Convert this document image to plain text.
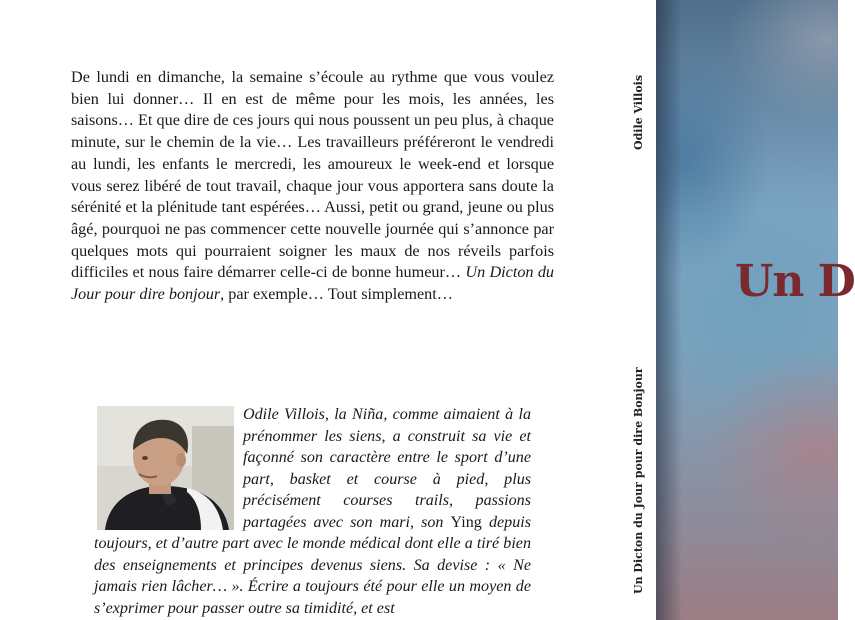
De lundi en dimanche, la semaine s’écoule au rythme que vous voulez bien lui donner… Il en est de même pour les mois, les années, les saisons… Et que dire de ces jours qui nous poussent un peu plus, à chaque minute, sur le chemin de la vie… Les travailleurs préféreront le vendredi au lundi, les enfants le mercredi, les amoureux le week-end et lorsque vous serez libéré de tout travail, chaque jour vous apportera sans doute la sérénité et la plénitude tant espérées… Aussi, petit ou grand, jeune ou plus âgé, pourquoi ne pas commencer cette nouvelle journée qui s’annonce par quelques mots qui pourraient soigner les maux de nos réveils parfois difficiles et nous faire démarrer celle-ci de bonne humeur… Un Dicton du Jour pour dire bonjour, par exemple… Tout simplement…

Odile Villois, la Niña, comme aimaient à la prénommer les siens, a construit sa vie et façonné son caractère entre le sport d’une part, basket et course à pied, plus précisément courses trails, passions partagées avec son mari, son Ying depuis toujours, et d’autre part avec le monde médical dont elle a tiré bien des enseignements et principes devenus siens. Sa devise : « Ne jamais rien lâcher… ». Écrire a toujours été pour elle un moyen de s’exprimer pour passer outre sa timidité, et est

Odile Villois
Un Dicton du Jour pour dire Bonjour
Un D
